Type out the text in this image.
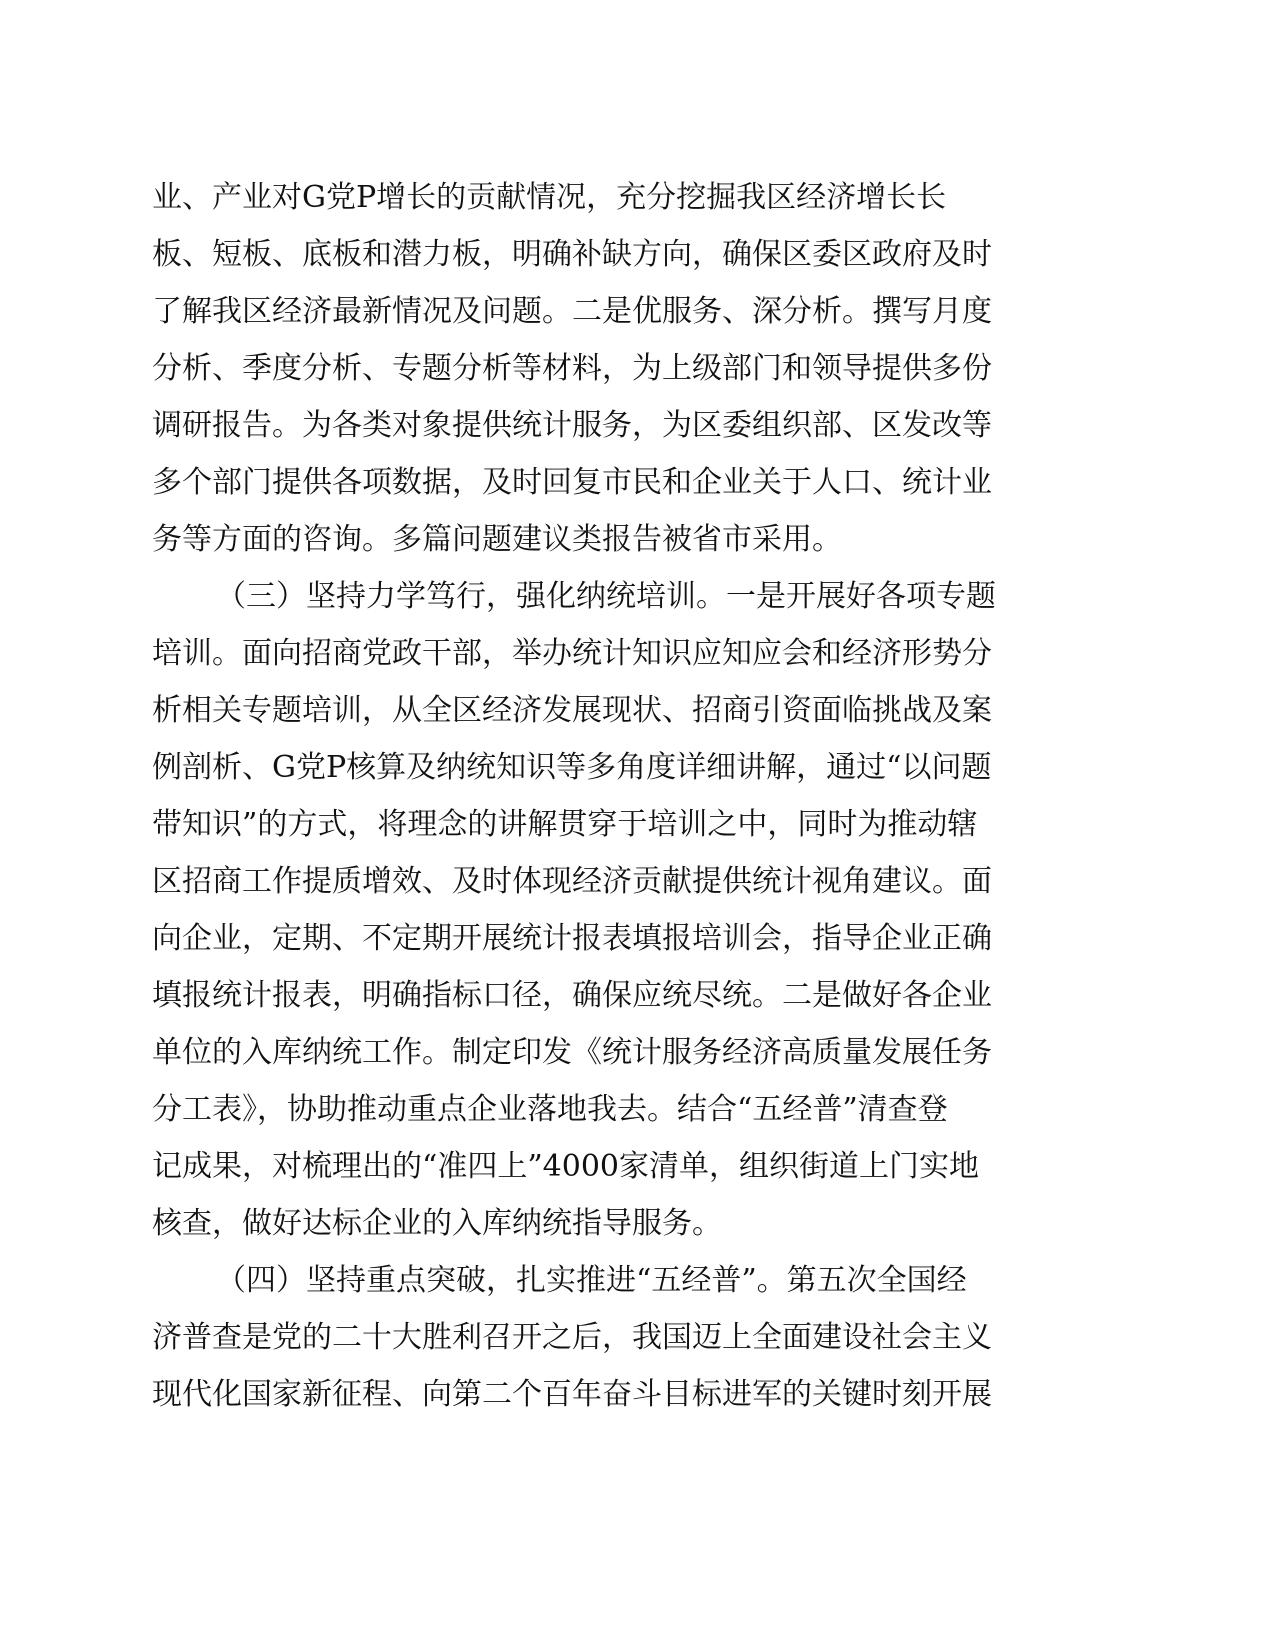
业、产业对G党P增长的贡献情况，充分挖掘我区经济增长长
板、短板、底板和潜力板，明确补缺方向，确保区委区政府及时
了解我区经济最新情况及问题。二是优服务、深分析。撰写月度
分析、季度分析、专题分析等材料，为上级部门和领导提供多份
调研报告。为各类对象提供统计服务，为区委组织部、区发改等
多个部门提供各项数据，及时回复市民和企业关于人口、统计业
务等方面的咨询。多篇问题建议类报告被省市采用。
（三）坚持力学笃行，强化纳统培训。一是开展好各项专题
培训。面向招商党政干部，举办统计知识应知应会和经济形势分
析相关专题培训，从全区经济发展现状、招商引资面临挑战及案
例剖析、G党P核算及纳统知识等多角度详细讲解，通过“以问题
带知识”的方式，将理念的讲解贯穿于培训之中，同时为推动辖
区招商工作提质增效、及时体现经济贡献提供统计视角建议。面
向企业，定期、不定期开展统计报表填报培训会，指导企业正确
填报统计报表，明确指标口径，确保应统尽统。二是做好各企业
单位的入库纳统工作。制定印发《统计服务经济高质量发展任务
分工表》，协助推动重点企业落地我去。结合“五经普”清查登
记成果，对梳理出的“准四上”4000家清单，组织街道上门实地
核查，做好达标企业的入库纳统指导服务。
（四）坚持重点突破，扎实推进“五经普”。第五次全国经
济普查是党的二十大胜利召开之后，我国迈上全面建设社会主义
现代化国家新征程、向第二个百年奋斗目标进军的关键时刻开展
